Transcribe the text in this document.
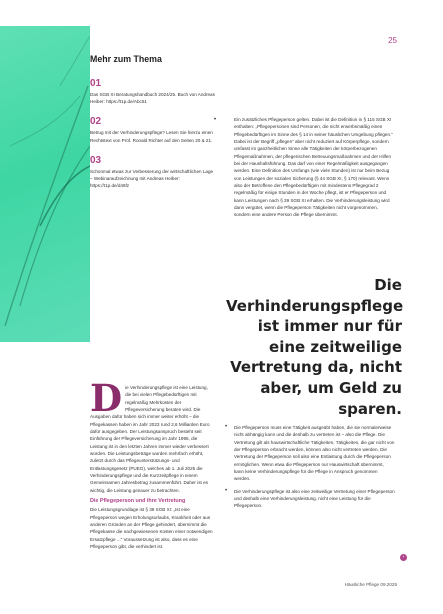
25
Mehr zum Thema
01
Das SGB XI Beratungshandbuch 2024/25. Buch von Andreas Heiber: https://t1p.de/Abc51
02
Betrug mit der Verhinderungspflege? Lesen Sie hierzu einen Rechtstext von Prof. Ronald Richter auf den Seiten 20 & 21.
03
Schonmal etwas zur Verbesserung der wirtschaftlichen Lage – Webinaraufzeichnung mit Andreas Heiber: https://t1p.de/d46fz
•	Ein zusätzliches Pflegeperson gelten. Dabei ist die Definition in § 115 SGB XI enthalten: „Pflegepersonen sind Personen, die nicht erwerbsmäßig einen Pflegebedürftigen im Sinne des § 14 in seiner häuslichen Umgebung pflegen.“ Dabei ist der Begriff „pflegen“ aber nicht reduziert auf Körperpflege, sondern umfasst im ganzheitlichen Sinne alle Tätigkeiten der körperbezogenen Pflegemaßnahmen, der pflegerischen Betreuungsmaßnahmen und der Hilfen bei der Haushaltsführung. Das darf von einer Regelmäßigkeit ausgegangen werden. Eine Definition des Umfangs (wie viele Stunden) ist nur beim Bezug von Leistungen der sozialen Sicherung (§ 44 SGB XI, § 170) relevant. Wenn also der Betroffene den Pflegebedürftigen mit mindestens Pflegegrad 2 regelmäßig für einige Stunden in der Woche pflegt, ist er Pflegeperson und kann Leistungen nach § 39 SGB XI erhalten. Die Verhinderungsleistung wird dann vergütet, wenn die Pflegeperson Tätigkeiten nicht vorgenommen, sondern eine andere Person die Pflege übernimmt.
Die Verhinderungspflege ist immer nur für eine zeitweilige Vertretung da, nicht aber, um Geld zu sparen.
D ie Verhinderungspflege ist eine Leistung, die bei vielen Pflegebedürftigen mit regelmäßig Mehrkosten der Pflegeversicherung beraten wird. Die Ausgaben dafür haben sich immer weiter erhöht – die Pflegekassen haben im Jahr 2023 rund 2,6 Milliarden Euro dafür ausgegeben. Der Leistungsanspruch besteht seit Einführung der Pflegeversicherung im Jahr 1995, die Leistung ist in den letzten Jahren immer wieder verbessert worden. Die Leistungsbeträge wurden mehrfach erhöht, zuletzt durch das Pflegeunterstützungs- und Entlastungsgesetz (PUEG), welches ab 1. Juli 2025 die Verhinderungspflege und die Kurzzeitpflege in einem Gemeinsamen Jahresbetrag zusammenführt. Daher ist es wichtig, die Leistung genauer zu betrachten.

Die Pflegeperson und ihre Vertretung

Die Leistungsgrundlage ist § 39 SGB XI: „Ist eine Pflegeperson wegen Erholungsurlaubs, Krankheit oder aus anderen Gründen an der Pflege gehindert, übernimmt die Pflegekasse die nachgewiesenen Kosten einer notwendigen Ersatzpflege ...“ Voraussetzung ist also, dass es eine Pflegeperson gibt, die verhindert ist.

• Die Pflegeperson muss eine Tätigkeit ausgeübt haben, die sie normalerweise nicht abhängig kann und die deshalb zu vertreten ist – also die Pflege. Die Vertretung gilt als hauswirtschaftliche Tätigkeiten, Tätigkeiten, die gar nicht von der Pflegeperson erbracht werden, können also nicht vertreten werden. Die Vertretung der Pflegeperson soll also eine Entlastung durch die Pflegeperson ermöglichen. Wenn etwa die Pflegeperson nur Hauswirtschaft übernimmt, kann keine Verhinderungspflege für die Pflege in Anspruch genommen werden.
• Die Verhinderungspflege ist also eine zeitweilige Vertretung einer Pflegeperson und deshalb eine Verhinderungsleistung, nicht eine Leistung für die Pflegeperson.
›
Häusliche Pflege 09.2025
